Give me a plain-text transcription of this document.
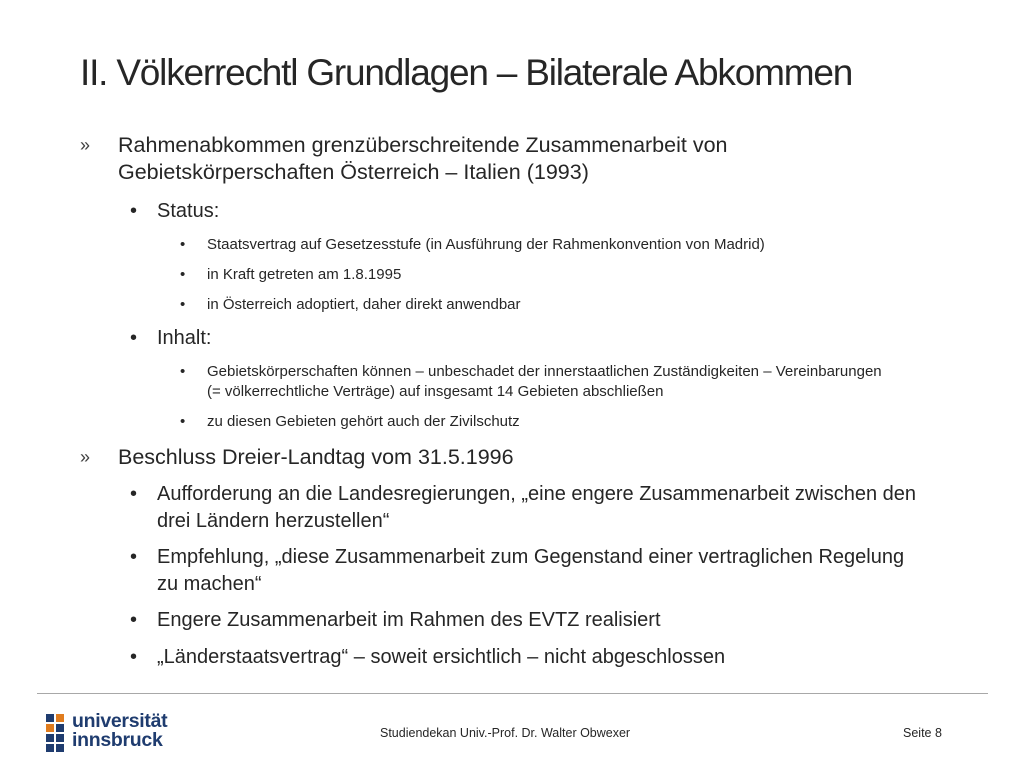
II. Völkerrechtl Grundlagen – Bilaterale Abkommen
» Rahmenabkommen grenzüberschreitende Zusammenarbeit von Gebietskörperschaften Österreich – Italien (1993)
• Status:
• Staatsvertrag auf Gesetzesstufe (in Ausführung der Rahmenkonvention von Madrid)
• in Kraft getreten am 1.8.1995
• in Österreich adoptiert, daher direkt anwendbar
• Inhalt:
• Gebietskörperschaften können – unbeschadet der innerstaatlichen Zuständigkeiten – Vereinbarungen (= völkerrechtliche Verträge) auf insgesamt 14 Gebieten abschließen
• zu diesen Gebieten gehört auch der Zivilschutz
» Beschluss Dreier-Landtag vom 31.5.1996
• Aufforderung an die Landesregierungen, „eine engere Zusammenarbeit zwischen den drei Ländern herzustellen“
• Empfehlung, „diese Zusammenarbeit zum Gegenstand einer vertraglichen Regelung zu machen“
• Engere Zusammenarbeit im Rahmen des EVTZ realisiert
• „Länderstaatsvertrag“ – soweit ersichtlich – nicht abgeschlossen
universität
innsbruck	Studiendekan Univ.-Prof. Dr. Walter Obwexer	Seite 8
